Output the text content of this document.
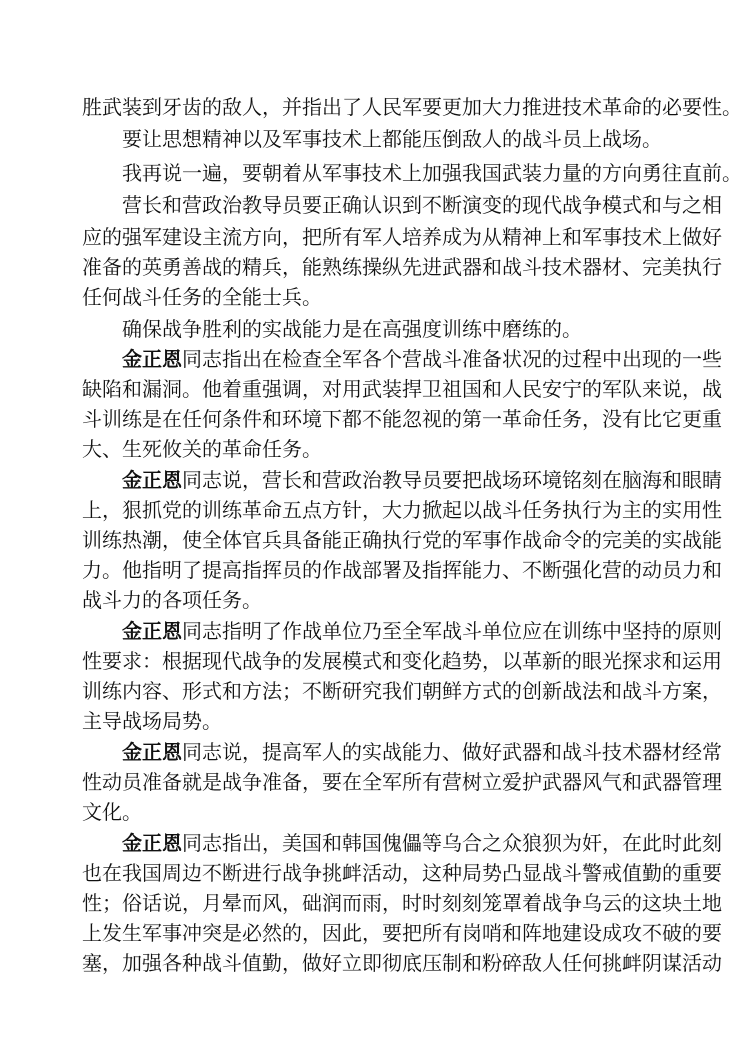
胜武装到牙齿的敌人，并指出了人民军要更加大力推进技术革命的必要性。
要让思想精神以及军事技术上都能压倒敌人的战斗员上战场。
我再说一遍，要朝着从军事技术上加强我国武装力量的方向勇往直前。
营长和营政治教导员要正确认识到不断演变的现代战争模式和与之相
应的强军建设主流方向，把所有军人培养成为从精神上和军事技术上做好
准备的英勇善战的精兵，能熟练操纵先进武器和战斗技术器材、完美执行
任何战斗任务的全能士兵。
确保战争胜利的实战能力是在高强度训练中磨练的。
金正恩同志指出在检查全军各个营战斗准备状况的过程中出现的一些
缺陷和漏洞。他着重强调，对用武装捍卫祖国和人民安宁的军队来说，战
斗训练是在任何条件和环境下都不能忽视的第一革命任务，没有比它更重
大、生死攸关的革命任务。
金正恩同志说，营长和营政治教导员要把战场环境铭刻在脑海和眼睛
上，狠抓党的训练革命五点方针，大力掀起以战斗任务执行为主的实用性
训练热潮，使全体官兵具备能正确执行党的军事作战命令的完美的实战能
力。他指明了提高指挥员的作战部署及指挥能力、不断强化营的动员力和
战斗力的各项任务。
金正恩同志指明了作战单位乃至全军战斗单位应在训练中坚持的原则
性要求：根据现代战争的发展模式和变化趋势，以革新的眼光探求和运用
训练内容、形式和方法；不断研究我们朝鲜方式的创新战法和战斗方案，
主导战场局势。
金正恩同志说，提高军人的实战能力、做好武器和战斗技术器材经常
性动员准备就是战争准备，要在全军所有营树立爱护武器风气和武器管理
文化。
金正恩同志指出，美国和韩国傀儡等乌合之众狼狈为奸，在此时此刻
也在我国周边不断进行战争挑衅活动，这种局势凸显战斗警戒值勤的重要
性；俗话说，月晕而风，础润而雨，时时刻刻笼罩着战争乌云的这块土地
上发生军事冲突是必然的，因此，要把所有岗哨和阵地建设成攻不破的要
塞，加强各种战斗值勤，做好立即彻底压制和粉碎敌人任何挑衅阴谋活动
